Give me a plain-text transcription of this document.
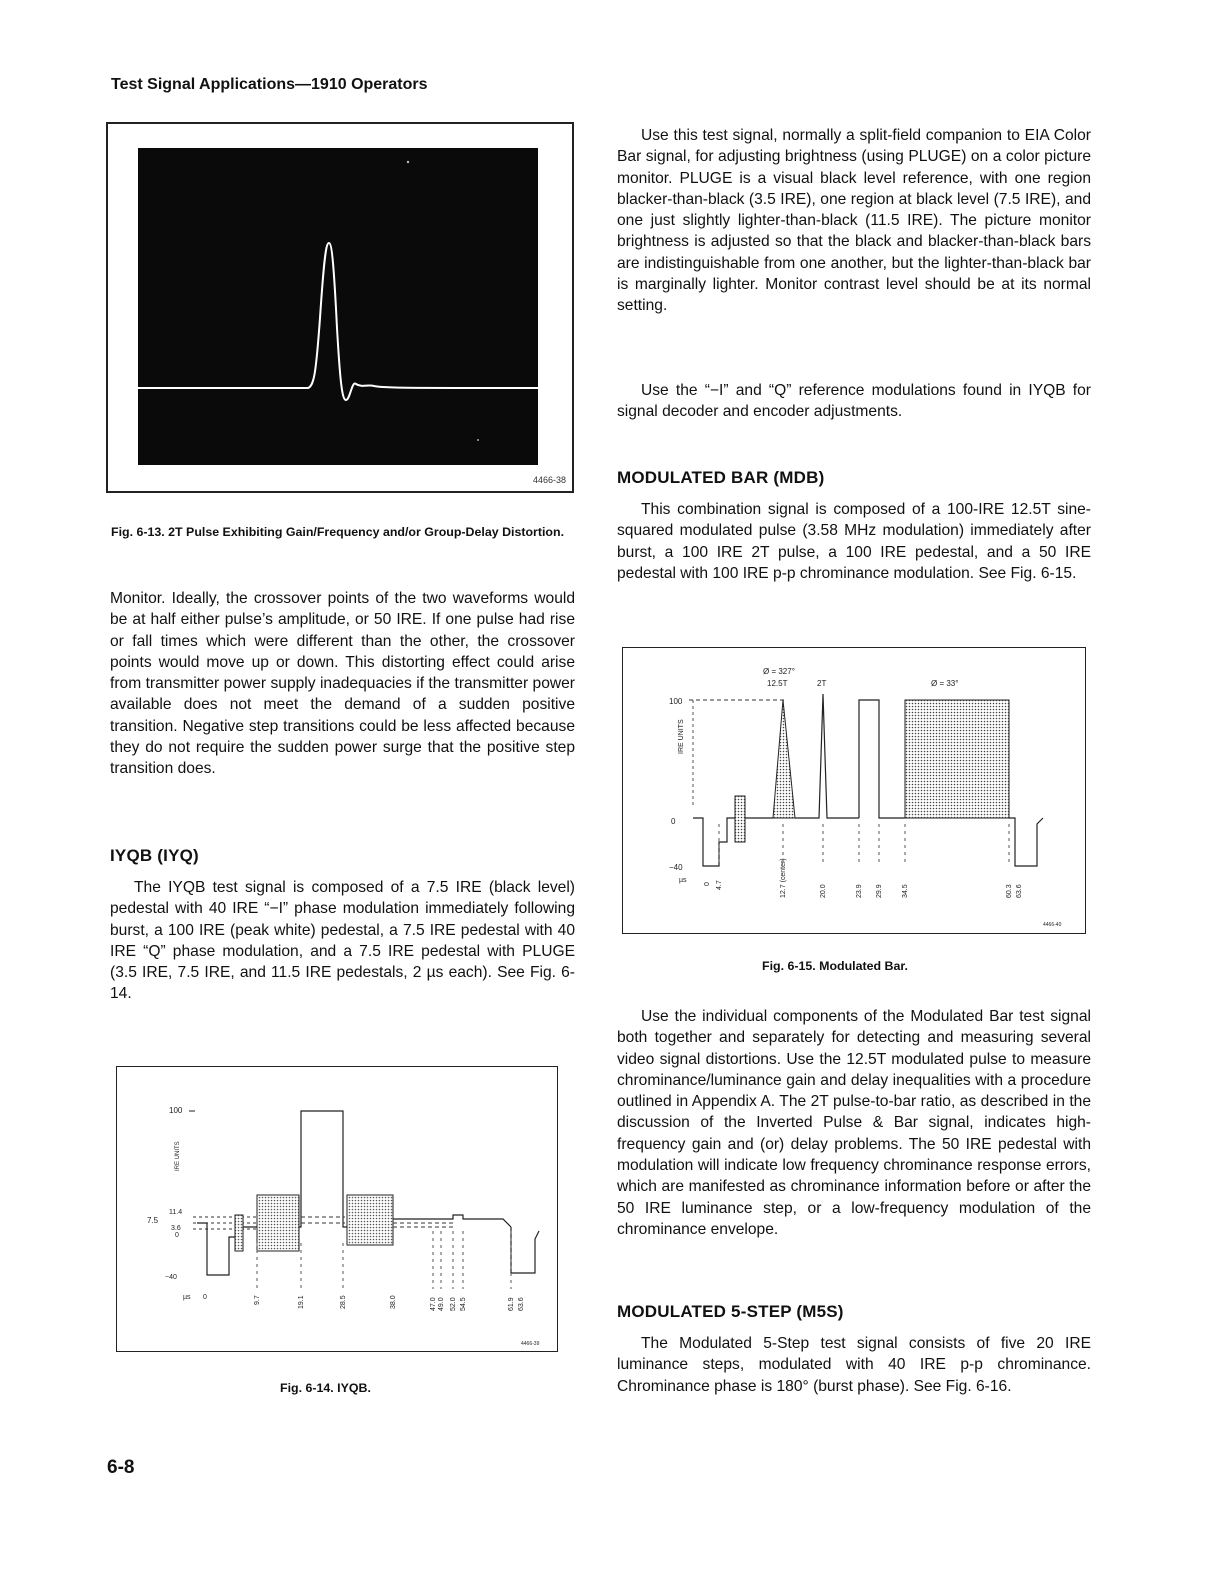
Test Signal Applications—1910 Operators
4466-38
Fig. 6-13. 2T Pulse Exhibiting Gain/Frequency and/or Group-Delay Distortion.
Monitor. Ideally, the crossover points of the two waveforms would be at half either pulse’s amplitude, or 50 IRE. If one pulse had rise or fall times which were different than the other, the crossover points would move up or down. This distorting effect could arise from transmitter power supply inadequacies if the transmitter power available does not meet the demand of a sudden positive transition. Negative step transitions could be less affected because they do not require the sudden power surge that the positive step transition does.
IYQB (IYQ)
The IYQB test signal is composed of a 7.5 IRE (black level) pedestal with 40 IRE “−I” phase modulation immediately following burst, a 100 IRE (peak white) pedestal, a 7.5 IRE pedestal with 40 IRE “Q” phase modulation, and a 7.5 IRE pedestal with PLUGE (3.5 IRE, 7.5 IRE, and 11.5 IRE pedestals, 2 µs each). See Fig. 6-14.
100
IRE UNITS
11.4
7.5
3.6
0
−40
µs 0	9.7	19.1	28.5	38.0	47.0 49.0 52.0 54.5	61.9 63.6
4466-39
Fig. 6-14. IYQB.
Use this test signal, normally a split-field companion to EIA Color Bar signal, for adjusting brightness (using PLUGE) on a color picture monitor. PLUGE is a visual black level reference, with one region blacker-than-black (3.5 IRE), one region at black level (7.5 IRE), and one just slightly lighter-than-black (11.5 IRE). The picture monitor brightness is adjusted so that the black and blacker-than-black bars are indistinguishable from one another, but the lighter-than-black bar is marginally lighter. Monitor contrast level should be at its normal setting.
Use the “−I” and “Q” reference modulations found in IYQB for signal decoder and encoder adjustments.
MODULATED BAR (MDB)
This combination signal is composed of a 100-IRE 12.5T sine-squared modulated pulse (3.58 MHz modulation) immediately after burst, a 100 IRE 2T pulse, a 100 IRE pedestal, and a 50 IRE pedestal with 100 IRE p-p chrominance modulation. See Fig. 6-15.
100
0
−40
IRE UNITS
Ø = 327°
12.5T	2T	Ø = 33°
µs
0 4.7	12.7 (center)	20.0	23.9 29.9	34.5	60.3 63.6
4466-40
Fig. 6-15. Modulated Bar.
Use the individual components of the Modulated Bar test signal both together and separately for detecting and measuring several video signal distortions. Use the 12.5T modulated pulse to measure chrominance/luminance gain and delay inequalities with a procedure outlined in Appendix A. The 2T pulse-to-bar ratio, as described in the discussion of the Inverted Pulse & Bar signal, indicates high-frequency gain and (or) delay problems. The 50 IRE pedestal with modulation will indicate low frequency chrominance response errors, which are manifested as chrominance information before or after the 50 IRE luminance step, or a low-frequency modulation of the chrominance envelope.
MODULATED 5-STEP (M5S)
The Modulated 5-Step test signal consists of five 20 IRE luminance steps, modulated with 40 IRE p-p chrominance. Chrominance phase is 180° (burst phase). See Fig. 6-16.
6-8
